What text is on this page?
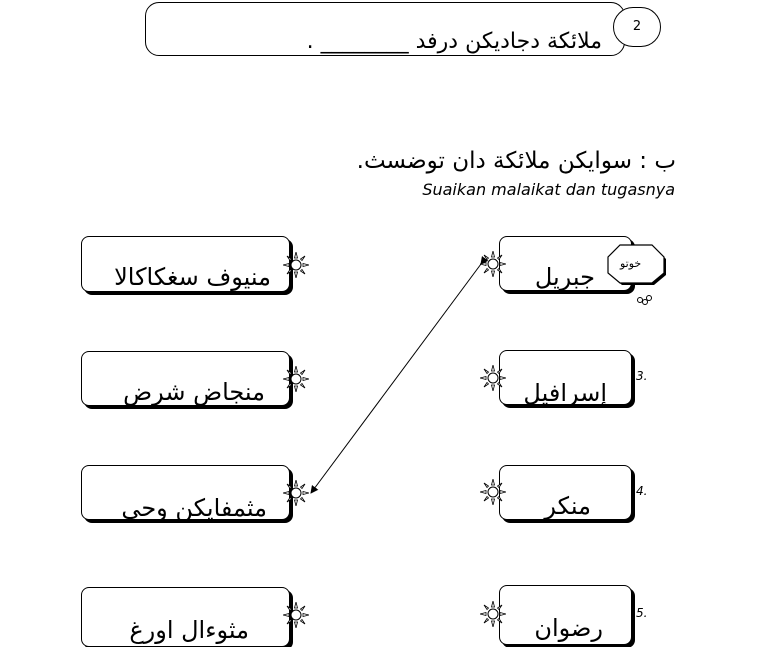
ملائكة دجاديكن درفد ________ .
2
ب : سوايكن ملائكة دان توضسث.
Suaikan malaikat dan tugasnya
جبريل
إسرافيل
منكر
رضوان
3.
4.
5.
خوتو
منيوف سغكاكالا
منجاض شرض
مثمفايكن وحي
مثوءال اورغ
